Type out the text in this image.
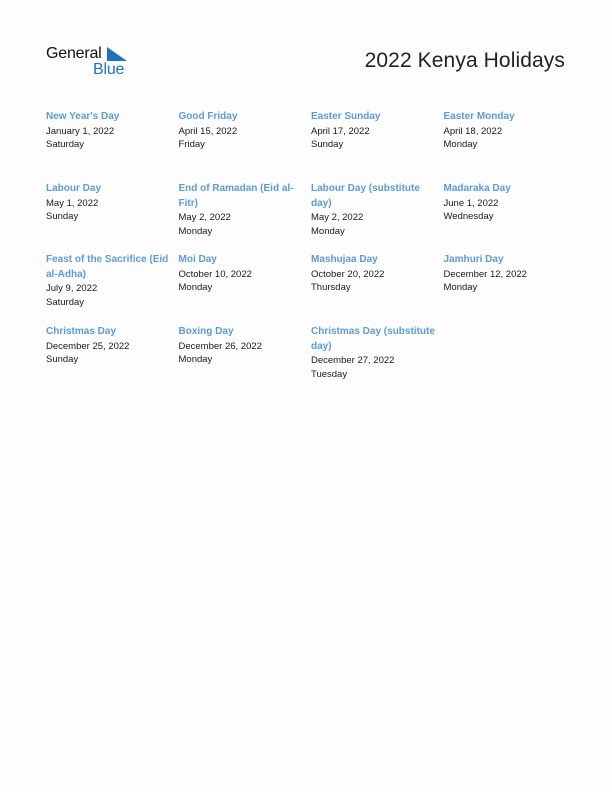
General
Blue	2022 Kenya Holidays
New Year's Day
January 1, 2022
Saturday
Good Friday
April 15, 2022
Friday
Easter Sunday
April 17, 2022
Sunday
Easter Monday
April 18, 2022
Monday
Labour Day
May 1, 2022
Sunday
End of Ramadan (Eid al-Fitr)
May 2, 2022
Monday
Labour Day (substitute day)
May 2, 2022
Monday
Madaraka Day
June 1, 2022
Wednesday
Feast of the Sacrifice (Eid al-Adha)
July 9, 2022
Saturday
Moi Day
October 10, 2022
Monday
Mashujaa Day
October 20, 2022
Thursday
Jamhuri Day
December 12, 2022
Monday
Christmas Day
December 25, 2022
Sunday
Boxing Day
December 26, 2022
Monday
Christmas Day (substitute day)
December 27, 2022
Tuesday
